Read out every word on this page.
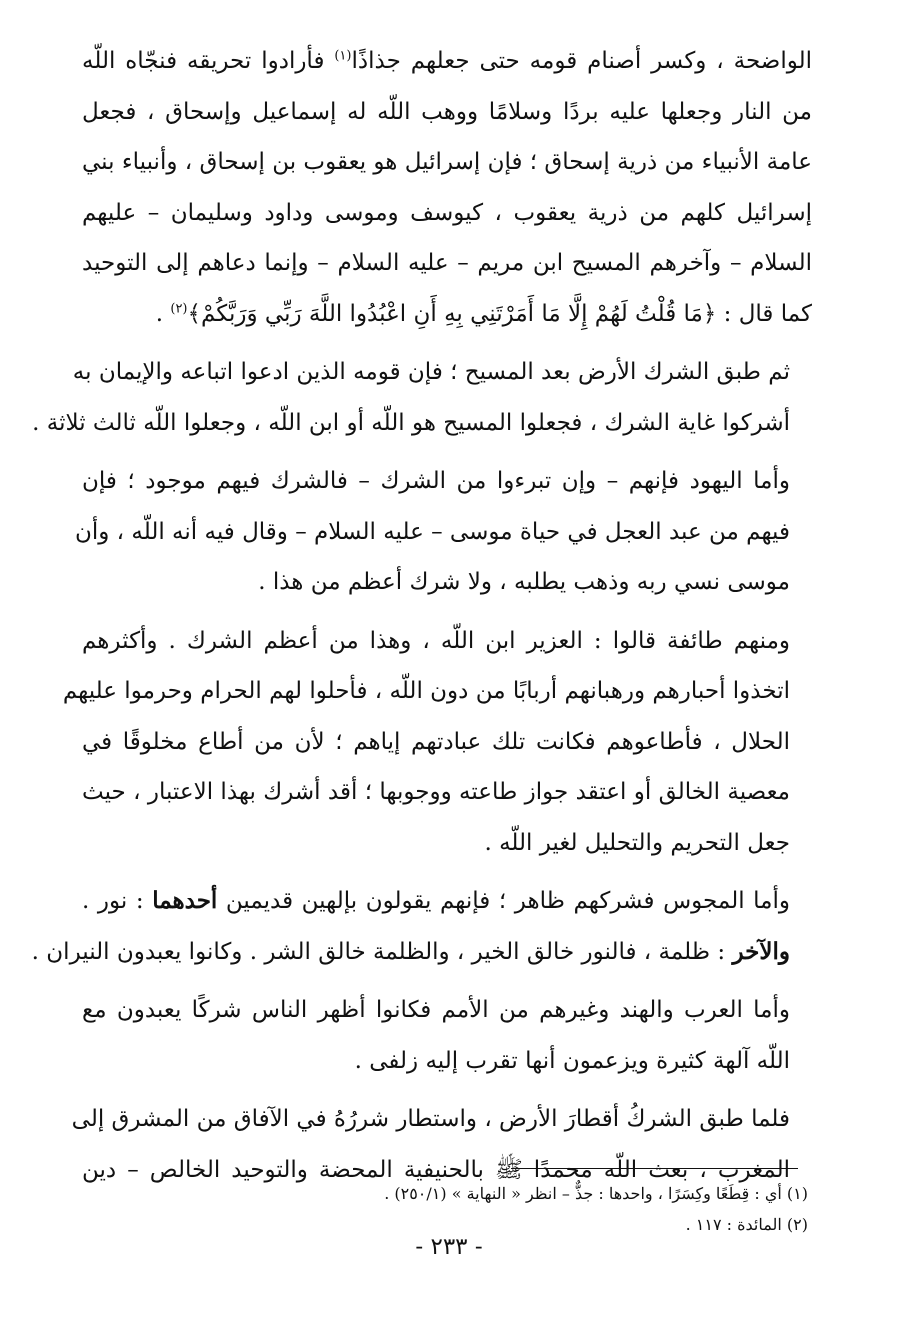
الواضحة ، وكسر أصنام قومه حتى جعلهم جذاذًا$^{(١)}$ فأرادوا تحريقه فنجّاه اللّه
من النار وجعلها عليه بردًا وسلامًا ووهب اللّه له إسماعيل وإسحاق ، فجعل
عامة الأنبياء من ذرية إسحاق ؛ فإن إسرائيل هو يعقوب بن إسحاق ، وأنبياء بني
إسرائيل كلهم من ذرية يعقوب ، كيوسف وموسى وداود وسليمان – عليهم
السلام – وآخرهم المسيح ابن مريم – عليه السلام – وإنما دعاهم إلى التوحيد
كما قال : ﴿مَا قُلْتُ لَهُمْ إِلَّا مَا أَمَرْتَنِي بِهِ أَنِ اعْبُدُوا اللَّهَ رَبِّي وَرَبَّكُمْ﴾$^{(٢)}$ .

ثم طبق الشرك الأرض بعد المسيح ؛ فإن قومه الذين ادعوا اتباعه والإيمان به
أشركوا غاية الشرك ، فجعلوا المسيح هو اللّه أو ابن اللّه ، وجعلوا اللّه ثالث ثلاثة .

وأما اليهود فإنهم – وإن تبرءوا من الشرك – فالشرك فيهم موجود ؛ فإن
فيهم من عبد العجل في حياة موسى – عليه السلام – وقال فيه أنه اللّه ، وأن
موسى نسي ربه وذهب يطلبه ، ولا شرك أعظم من هذا .

ومنهم طائفة قالوا : العزير ابن اللّه ، وهذا من أعظم الشرك . وأكثرهم
اتخذوا أحبارهم ورهبانهم أربابًا من دون اللّه ، فأحلوا لهم الحرام وحرموا عليهم
الحلال ، فأطاعوهم فكانت تلك عبادتهم إياهم ؛ لأن من أطاع مخلوقًا في
معصية الخالق أو اعتقد جواز طاعته ووجوبها ؛ أقد أشرك بهذا الاعتبار ، حيث
جعل التحريم والتحليل لغير اللّه .

وأما المجوس فشركهم ظاهر ؛ فإنهم يقولون بإلهين قديمين أحدهما : نور .
والآخر : ظلمة ، فالنور خالق الخير ، والظلمة خالق الشر . وكانوا يعبدون النيران .

وأما العرب والهند وغيرهم من الأمم فكانوا أظهر الناس شركًا يعبدون مع
اللّه آلهة كثيرة ويزعمون أنها تقرب إليه زلفى .

فلما طبق الشركُ أقطارَ الأرض ، واستطار شررُهُ في الآفاق من المشرق إلى
المغرب ، بعث اللّه محمدًا ﷺ بالحنيفية المحضة والتوحيد الخالص – دين

(١) أي : قِطَعًا وكِسَرًا ، واحدها : جذٌّ – انظر « النهاية » (٢٥٠/١) .
(٢) المائدة : ١١٧ .
- ٢٣٣ -
